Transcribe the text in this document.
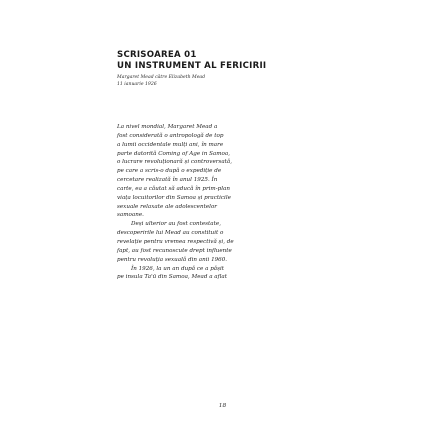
SCRISOAREA 01
UN INSTRUMENT AL FERICIRII
Margaret Mead către Elizabeth Mead
11 ianuarie 1926
La nivel mondial, Margaret Mead a
fost considerată o antropologă de top
a lumii occidentale mulți ani, în mare
parte datorită Coming of Age in Samoa,
o lucrare revoluționară și controversată,
pe care a scris-o după o expediție de
cercetare realizată în anul 1925. În
carte, ea a căutat să aducă în prim-plan
viața locuitorilor din Samoa și practicile
sexuale relaxate ale adolescentelor
samoane.
Deși ulterior au fost contestate,
descoperirile lui Mead au constituit o
revelație pentru vremea respectivă și, de
fapt, au fost recunoscute drept influente
pentru revoluția sexuală din anii 1960.
În 1926, la un an după ce a pășit
pe insula Ta'ū din Samoa, Mead a aflat
18
